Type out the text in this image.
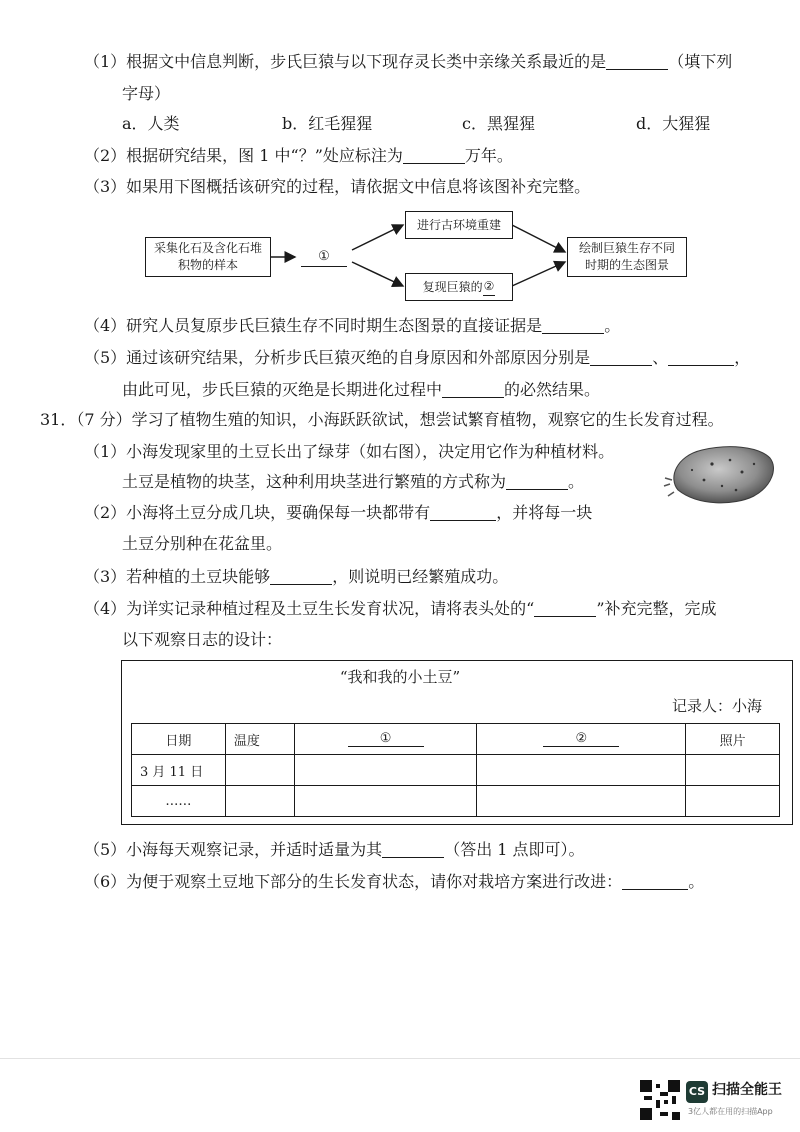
（1）根据文中信息判断，步氏巨猿与以下现存灵长类中亲缘关系最近的是	（填下列
字母）
a．人类	b．红毛猩猩	c．黑猩猩	d．大猩猩
（2）根据研究结果，图 1 中“？”处应标注为	万年。
（3）如果用下图概括该研究的过程，请依据文中信息将该图补充完整。
采集化石及含化石堆积物的样本
①
进行古环境重建
复现巨猿的 ②
绘制巨猿生存不同时期的生态图景
（4）研究人员复原步氏巨猿生存不同时期生态图景的直接证据是	。
（5）通过该研究结果，分析步氏巨猿灭绝的自身原因和外部原因分别是	、	，
由此可见，步氏巨猿的灭绝是长期进化过程中	的必然结果。
31．（7 分）学习了植物生殖的知识，小海跃跃欲试，想尝试繁育植物，观察它的生长发育过程。
（1）小海发现家里的土豆长出了绿芽（如右图），决定用它作为种植材料。
土豆是植物的块茎，这种利用块茎进行繁殖的方式称为	。
（2）小海将土豆分成几块，要确保每一块都带有	，并将每一块
土豆分别种在花盆里。
（3）若种植的土豆块能够	，则说明已经繁殖成功。
（4）为详实记录种植过程及土豆生长发育状况，请将表头处的“	”补充完整，完成
以下观察日志的设计：
“我和我的小土豆”
记录人：小海
日期	温度	①	②	照片
3 月 11 日				
……				
（5）小海每天观察记录，并适时适量为其	（答出 1 点即可）。
（6）为便于观察土豆地下部分的生长发育状态，请你对栽培方案进行改进：	。
CS 扫描全能王
3亿人都在用的扫描App
